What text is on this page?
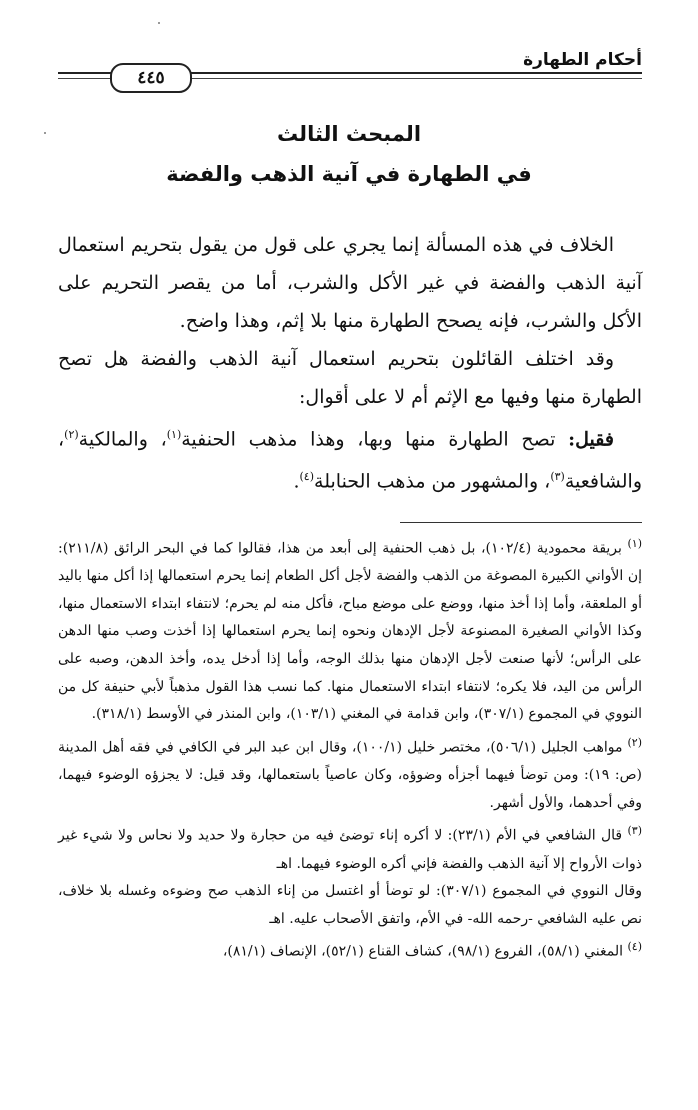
أحكام الطهارة
٤٤٥
المبحث الثالث
في الطهارة في آنية الذهب والفضة

الخلاف في هذه المسألة إنما يجري على قول من يقول بتحريم استعمال آنية الذهب والفضة في غير الأكل والشرب، أما من يقصر التحريم على الأكل والشرب، فإنه يصحح الطهارة منها بلا إثم، وهذا واضح.

وقد اختلف القائلون بتحريم استعمال آنية الذهب والفضة هل تصح الطهارة منها وفيها مع الإثم أم لا على أقوال:

فقيل: تصح الطهارة منها وبها، وهذا مذهب الحنفية$^{(١)}$، والمالكية$^{(٢)}$، والشافعية$^{(٣)}$، والمشهور من مذهب الحنابلة$^{(٤)}$.

$^{(١)}$ بريقة محمودية (١٠٢/٤)، بل ذهب الحنفية إلى أبعد من هذا، فقالوا كما في البحر الرائق (٢١١/٨): إن الأواني الكبيرة المصوغة من الذهب والفضة لأجل أكل الطعام إنما يحرم استعمالها إذا أكل منها باليد أو الملعقة، وأما إذا أخذ منها، ووضع على موضع مباح، فأكل منه لم يحرم؛ لانتفاء ابتداء الاستعمال منها، وكذا الأواني الصغيرة المصنوعة لأجل الإدهان ونحوه إنما يحرم استعمالها إذا أخذت وصب منها الدهن على الرأس؛ لأنها صنعت لأجل الإدهان منها بذلك الوجه، وأما إذا أدخل يده، وأخذ الدهن، وصبه على الرأس من اليد، فلا يكره؛ لانتفاء ابتداء الاستعمال منها. كما نسب هذا القول مذهباً لأبي حنيفة كل من النووي في المجموع (٣٠٧/١)، وابن قدامة في المغني (١٠٣/١)، وابن المنذر في الأوسط (٣١٨/١).

$^{(٢)}$ مواهب الجليل (٥٠٦/١)، مختصر خليل (١٠٠/١)، وقال ابن عبد البر في الكافي في فقه أهل المدينة (ص: ١٩): ومن توضأ فيهما أجزأه وضوؤه، وكان عاصياً باستعمالها، وقد قيل: لا يجزؤه الوضوء فيهما، وفي أحدهما، والأول أشهر.

$^{(٣)}$ قال الشافعي في الأم (٢٣/١): لا أكره إناء توضئ فيه من حجارة ولا حديد ولا نحاس ولا شيء غير ذوات الأرواح إلا آنية الذهب والفضة فإني أكره الوضوء فيهما. اهـ

وقال النووي في المجموع (٣٠٧/١): لو توضأ أو اغتسل من إناء الذهب صح وضوءه وغسله بلا خلاف، نص عليه الشافعي -رحمه الله- في الأم، واتفق الأصحاب عليه. اهـ

$^{(٤)}$ المغني (٥٨/١)، الفروع (٩٨/١)، كشاف القناع (٥٢/١)، الإنصاف (٨١/١)،
